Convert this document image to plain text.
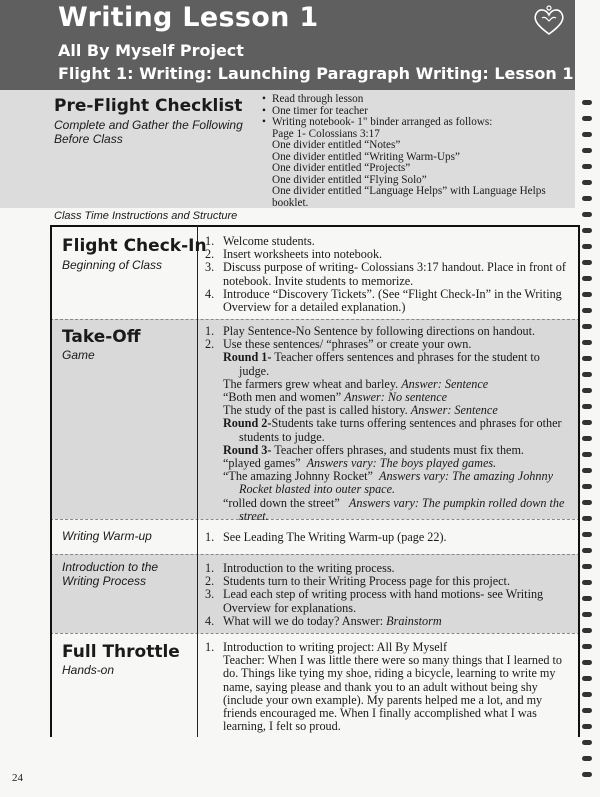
Writing Lesson 1
All By Myself Project
Flight 1: Writing: Launching Paragraph Writing: Lesson 1
Pre-Flight Checklist
Complete and Gather the Following Before Class
• Read through lesson
• One timer for teacher
• Writing notebook- 1" binder arranged as follows:
Page 1- Colossians 3:17
One divider entitled “Notes”
One divider entitled “Writing Warm-Ups”
One divider entitled “Projects”
One divider entitled “Flying Solo”
One divider entitled “Language Helps” with Language Helps booklet.
Class Time Instructions and Structure
Flight Check-In
Beginning of Class
1. Welcome students.
2. Insert worksheets into notebook.
3. Discuss purpose of writing- Colossians 3:17 handout. Place in front of notebook. Invite students to memorize.
4. Introduce “Discovery Tickets”. (See “Flight Check-In” in the Writing Overview for a detailed explanation.)
Take-Off
Game
1. Play Sentence-No Sentence by following directions on handout.
2. Use these sentences/ “phrases” or create your own.
Round 1- Teacher offers sentences and phrases for the student to judge.
The farmers grew wheat and barley. Answer: Sentence
“Both men and women” Answer: No sentence
The study of the past is called history. Answer: Sentence
Round 2-Students take turns offering sentences and phrases for other students to judge.
Round 3- Teacher offers phrases, and students must fix them.
“played games” Answers vary: The boys played games.
“The amazing Johnny Rocket” Answers vary: The amazing Johnny Rocket blasted into outer space.
“rolled down the street” Answers vary: The pumpkin rolled down the street.
Writing Warm-up	1. See Leading The Writing Warm-up (page 22).
Introduction to the Writing Process
1. Introduction to the writing process.
2. Students turn to their Writing Process page for this project.
3. Lead each step of writing process with hand motions- see Writing Overview for explanations.
4. What will we do today? Answer: Brainstorm
Full Throttle
Hands-on
1. Introduction to writing project: All By Myself
Teacher: When I was little there were so many things that I learned to do. Things like tying my shoe, riding a bicycle, learning to write my name, saying please and thank you to an adult without being shy (include your own example). My parents helped me a lot, and my friends encouraged me. When I finally accomplished what I was learning, I felt so proud.
24
